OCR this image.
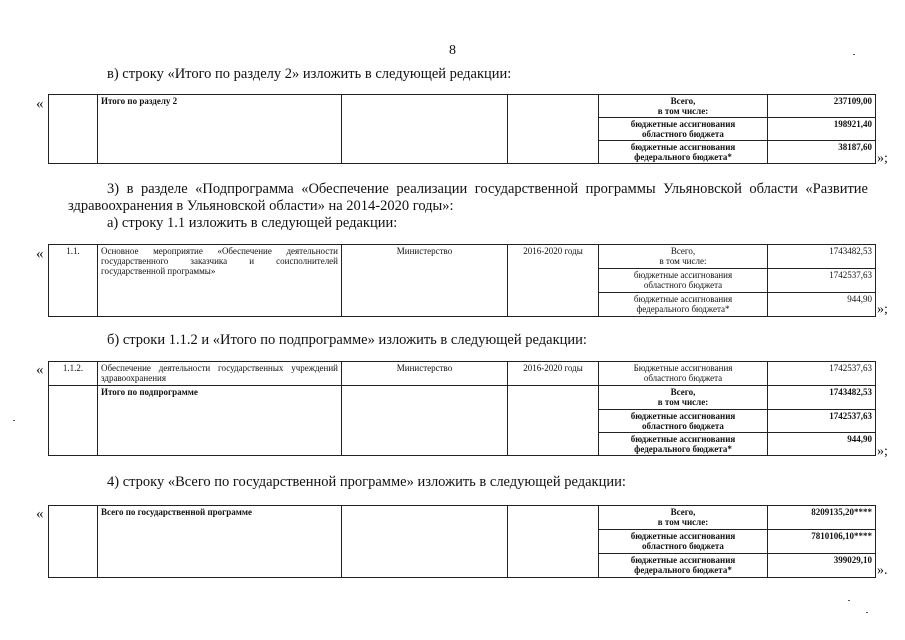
8
в) строку «Итого по разделу 2» изложить в следующей редакции:
«
		Итого по разделу 2			Всего,
в том числе:	237109,00
				бюджетные ассигнования
областного бюджета	198921,40
				бюджетные ассигнования
федерального бюджета*	38187,60
»;
3) в разделе «Подпрограмма «Обеспечение реализации государственной программы Ульяновской области «Развитие здравоохранения в Ульяновской области» на 2014-2020 годы»:
а) строку 1.1 изложить в следующей редакции:
«	1.1.	Основное мероприятие «Обеспечение деятельности государственного заказчика и соисполнителей государственной программы»	Министерство	2016-2020 годы	Всего,
в том числе:	1743482,53
				бюджетные ассигнования
областного бюджета	1742537,63
				бюджетные ассигнования
федерального бюджета*	944,90
»;
б) строки 1.1.2 и «Итого по подпрограмме» изложить в следующей редакции:
« 1.1.2.	Обеспечение деятельности государственных учреждений здравоохранения	Министерство	2016-2020 годы	Бюджетные ассигнования
областного бюджета	1742537,63
	Итого по подпрограмме			Всего,
в том числе:	1743482,53
				бюджетные ассигнования
областного бюджета	1742537,63
				бюджетные ассигнования
федерального бюджета*	944,90
»;
4) строку «Всего по государственной программе» изложить в следующей редакции:
«
		Всего по государственной программе			Всего,
в том числе:	8209135,20****
				бюджетные ассигнования
областного бюджета	7810106,10****
				бюджетные ассигнования
федерального бюджета*	399029,10
».
